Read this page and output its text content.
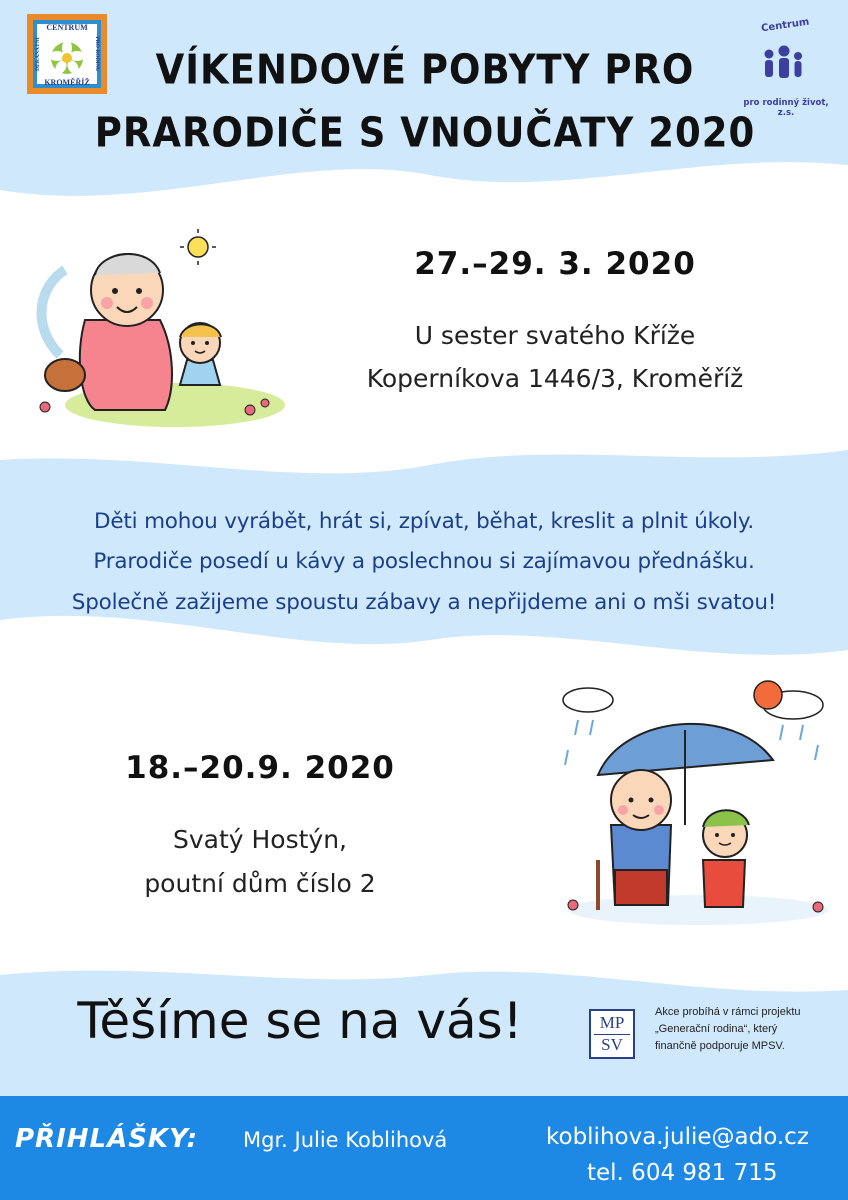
CENTRUM
KROMĚŘÍŽ
DĚKANÁTNÍ	PRO RODINU
Centrum
pro rodinný život, z.s.
VÍKENDOVÉ POBYTY PRO
PRARODIČE S VNOUČATY 2020
27.–29. 3. 2020
U sester svatého Kříže
Koperníkova 1446/3, Kroměříž
Děti mohou vyrábět, hrát si, zpívat, běhat, kreslit a plnit úkoly.
Prarodiče posedí u kávy a poslechnou si zajímavou přednášku.
Společně zažijeme spoustu zábavy a nepřijdeme ani o mši svatou!
18.–20.9. 2020
Svatý Hostýn,
poutní dům číslo 2
Těšíme se na vás!	MP
SV
Akce probíhá v rámci projektu
„Generační rodina“, který
finančně podporuje MPSV.
PŘIHLÁŠKY: Mgr. Julie Koblihová	koblihova.julie@ado.cz
tel. 604 981 715
